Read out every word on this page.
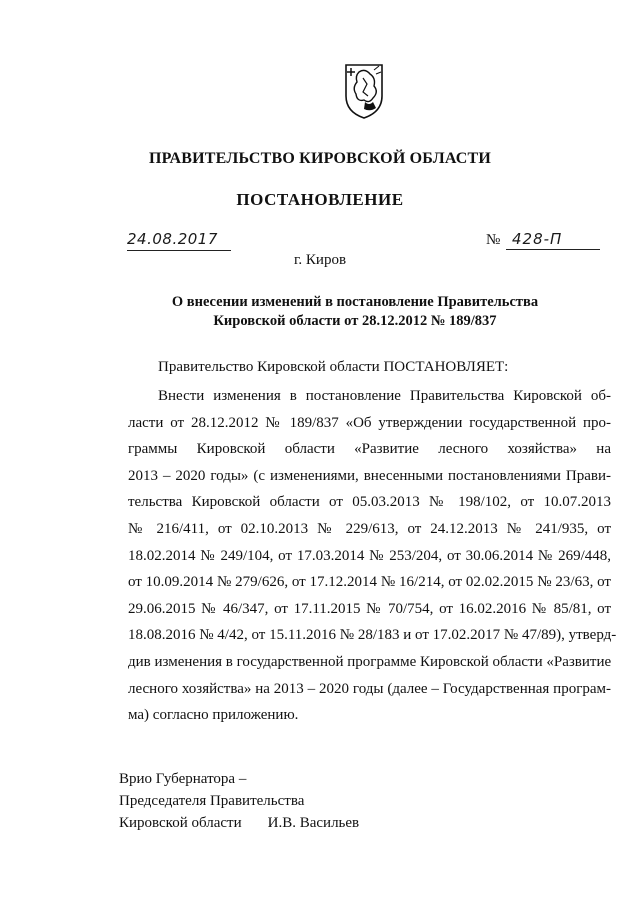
ПРАВИТЕЛЬСТВО КИРОВСКОЙ ОБЛАСТИ
ПОСТАНОВЛЕНИЕ
24.08.2017	№ 428-П
г. Киров
О внесении изменений в постановление Правительства
Кировской области от 28.12.2012 № 189/837
Правительство Кировской области ПОСТАНОВЛЯЕТ:
Внести изменения в постановление Правительства Кировской об-
ласти от 28.12.2012 № 189/837 «Об утверждении государственной про-
граммы Кировской области «Развитие лесного хозяйства» на
2013 – 2020 годы» (с изменениями, внесенными постановлениями Прави-
тельства Кировской области от 05.03.2013 № 198/102, от 10.07.2013
№ 216/411, от 02.10.2013 № 229/613, от 24.12.2013 № 241/935, от
18.02.2014 № 249/104, от 17.03.2014 № 253/204, от 30.06.2014 № 269/448,
от 10.09.2014 № 279/626, от 17.12.2014 № 16/214, от 02.02.2015 № 23/63, от
29.06.2015 № 46/347, от 17.11.2015 № 70/754, от 16.02.2016 № 85/81, от
18.08.2016 № 4/42, от 15.11.2016 № 28/183 и от 17.02.2017 № 47/89), утверд-
див изменения в государственной программе Кировской области «Развитие
лесного хозяйства» на 2013 – 2020 годы (далее – Государственная програм-
ма) согласно приложению.
Врио Губернатора –
Председателя Правительства
Кировской области И.В. Васильев
